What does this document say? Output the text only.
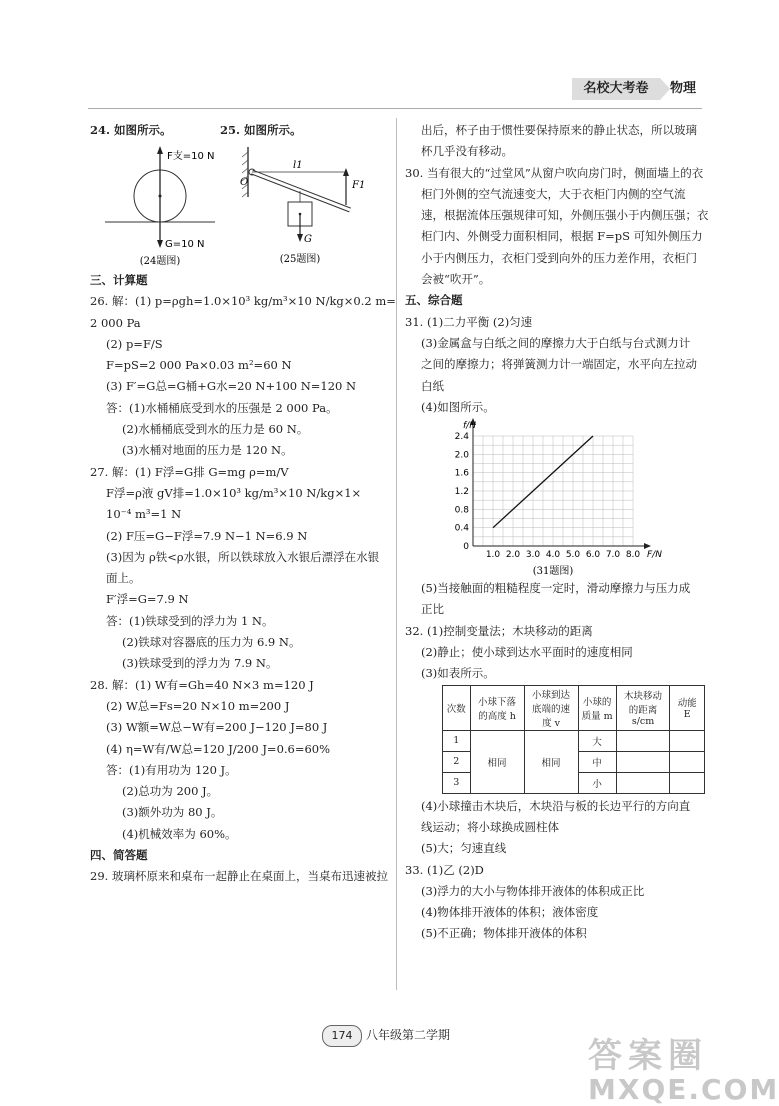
名校大考卷	物理
24. 如图所示。	25. 如图所示。
F支=10 N
G=10 N
(24题图)
O
l1
F1
G
(25题图)
三、计算题
26. 解：(1) p=ρgh=1.0×10³ kg/m³×10 N/kg×0.2 m=
2 000 Pa
(2) p=F/S
F=pS=2 000 Pa×0.03 m²=60 N
(3) F′=G总=G桶+G水=20 N+100 N=120 N
答：(1)水桶桶底受到水的压强是 2 000 Pa。
(2)水桶桶底受到水的压力是 60 N。
(3)水桶对地面的压力是 120 N。
27. 解：(1) F浮=G排 G=mg ρ=m/V
F浮=ρ液 gV排=1.0×10³ kg/m³×10 N/kg×1×
10⁻⁴ m³=1 N
(2) F压=G−F浮=7.9 N−1 N=6.9 N
(3)因为 ρ铁<ρ水银，所以铁球放入水银后漂浮在水银
面上。
F′浮=G=7.9 N
答：(1)铁球受到的浮力为 1 N。
(2)铁球对容器底的压力为 6.9 N。
(3)铁球受到的浮力为 7.9 N。
28. 解：(1) W有=Gh=40 N×3 m=120 J
(2) W总=Fs=20 N×10 m=200 J
(3) W额=W总−W有=200 J−120 J=80 J
(4) η=W有/W总=120 J/200 J=0.6=60%
答：(1)有用功为 120 J。
(2)总功为 200 J。
(3)额外功为 80 J。
(4)机械效率为 60%。
四、简答题
29. 玻璃杯原来和桌布一起静止在桌面上，当桌布迅速被拉
出后，杯子由于惯性要保持原来的静止状态，所以玻璃
杯几乎没有移动。
30. 当有很大的“过堂风”从窗户吹向房门时，侧面墙上的衣
柜门外侧的空气流速变大，大于衣柜门内侧的空气流
速，根据流体压强规律可知，外侧压强小于内侧压强；衣
柜门内、外侧受力面积相同，根据 F=pS 可知外侧压力
小于内侧压力，衣柜门受到向外的压力差作用，衣柜门
会被“吹开”。
五、综合题
31. (1)二力平衡 (2)匀速
(3)金属盒与白纸之间的摩擦力大于白纸与台式测力计
之间的摩擦力；将弹簧测力计一端固定，水平向左拉动
白纸
(4)如图所示。
1.0 2.0 3.0 4.0 5.0 6.0 7.0 8.0
0.4
0.8
1.2
1.6
2.0
2.4
0
F/N
f/N
(31题图)
(5)当接触面的粗糙程度一定时，滑动摩擦力与压力成
正比
32. (1)控制变量法；木块移动的距离
(2)静止；使小球到达水平面时的速度相同
(3)如表所示。
次数	小球下落的高度 h	小球到达底端的速度 v	小球的质量 m	木块移动的距离 s/cm	动能 E
1	相同	相同	大		
2			中		
3			小		
(4)小球撞击木块后，木块沿与板的长边平行的方向直
线运动；将小球换成圆柱体
(5)大；匀速直线
33. (1)乙 (2)D
(3)浮力的大小与物体排开液体的体积成正比
(4)物体排开液体的体积；液体密度
(5)不正确；物体排开液体的体积
174	八年级第二学期
答案圈
MXQE.COM
